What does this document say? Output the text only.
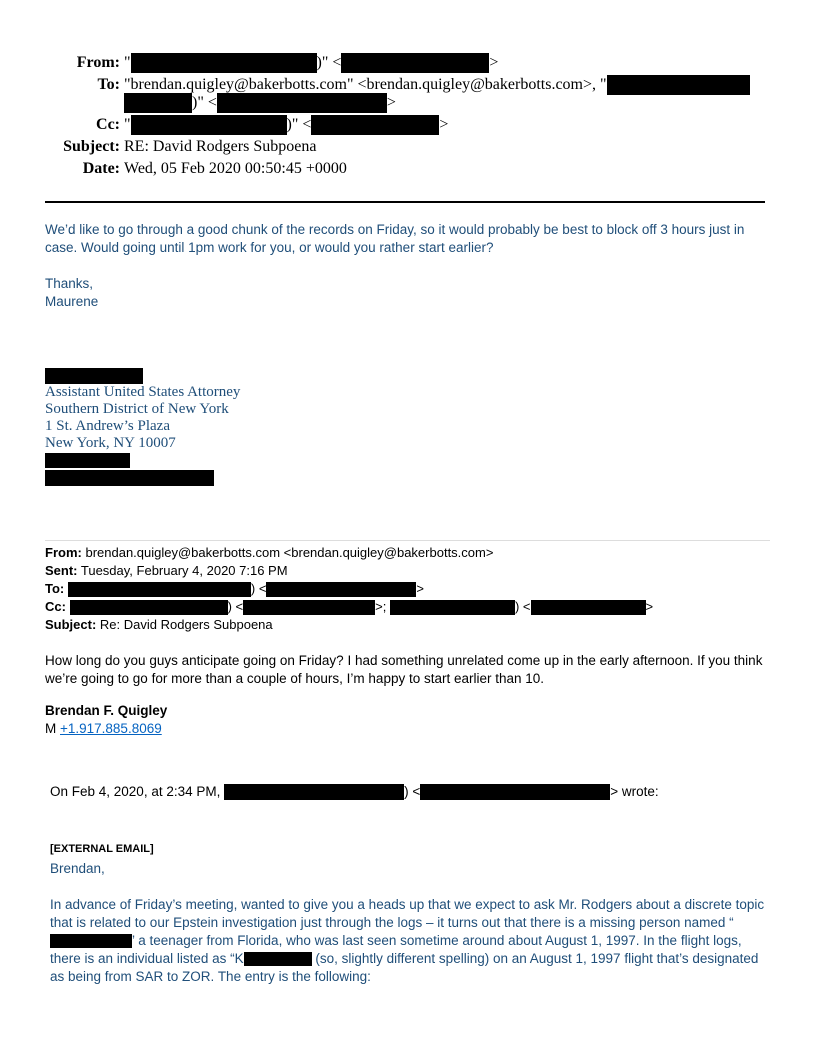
From: "	)" <	>
To: "brendan.quigley@bakerbotts.com" <brendan.quigley@bakerbotts.com>, "
)" <	>
Cc: "	)" <	>
Subject: RE: David Rodgers Subpoena
Date: Wed, 05 Feb 2020 00:50:45 +0000

We’d like to go through a good chunk of the records on Friday, so it would probably be best to block off 3 hours just in case. Would going until 1pm work for you, or would you rather start earlier?

Thanks,
Maurene
Assistant United States Attorney
Southern District of New York
1 St. Andrew’s Plaza
New York, NY 10007
From: brendan.quigley@bakerbotts.com <brendan.quigley@bakerbotts.com>
Sent: Tuesday, February 4, 2020 7:16 PM
To:	) <	>
Cc:	) <	>;	) <	>
Subject: Re: David Rodgers Subpoena

How long do you guys anticipate going on Friday? I had something unrelated come up in the early afternoon. If you think we’re going to go for more than a couple of hours, I’m happy to start earlier than 10.

Brendan F. Quigley
M +1.917.885.8069
On Feb 4, 2020, at 2:34 PM,	) <	> wrote:
[EXTERNAL EMAIL]

Brendan,

In advance of Friday’s meeting, wanted to give you a heads up that we expect to ask Mr. Rodgers about a discrete topic that is related to our Epstein investigation just through the logs – it turns out that there is a missing person named “’ a teenager from Florida, who was last seen sometime around about August 1, 1997. In the flight logs, there is an individual listed as “K	(so, slightly different spelling) on an August 1, 1997 flight that’s designated as being from SAR to ZOR. The entry is the following:
